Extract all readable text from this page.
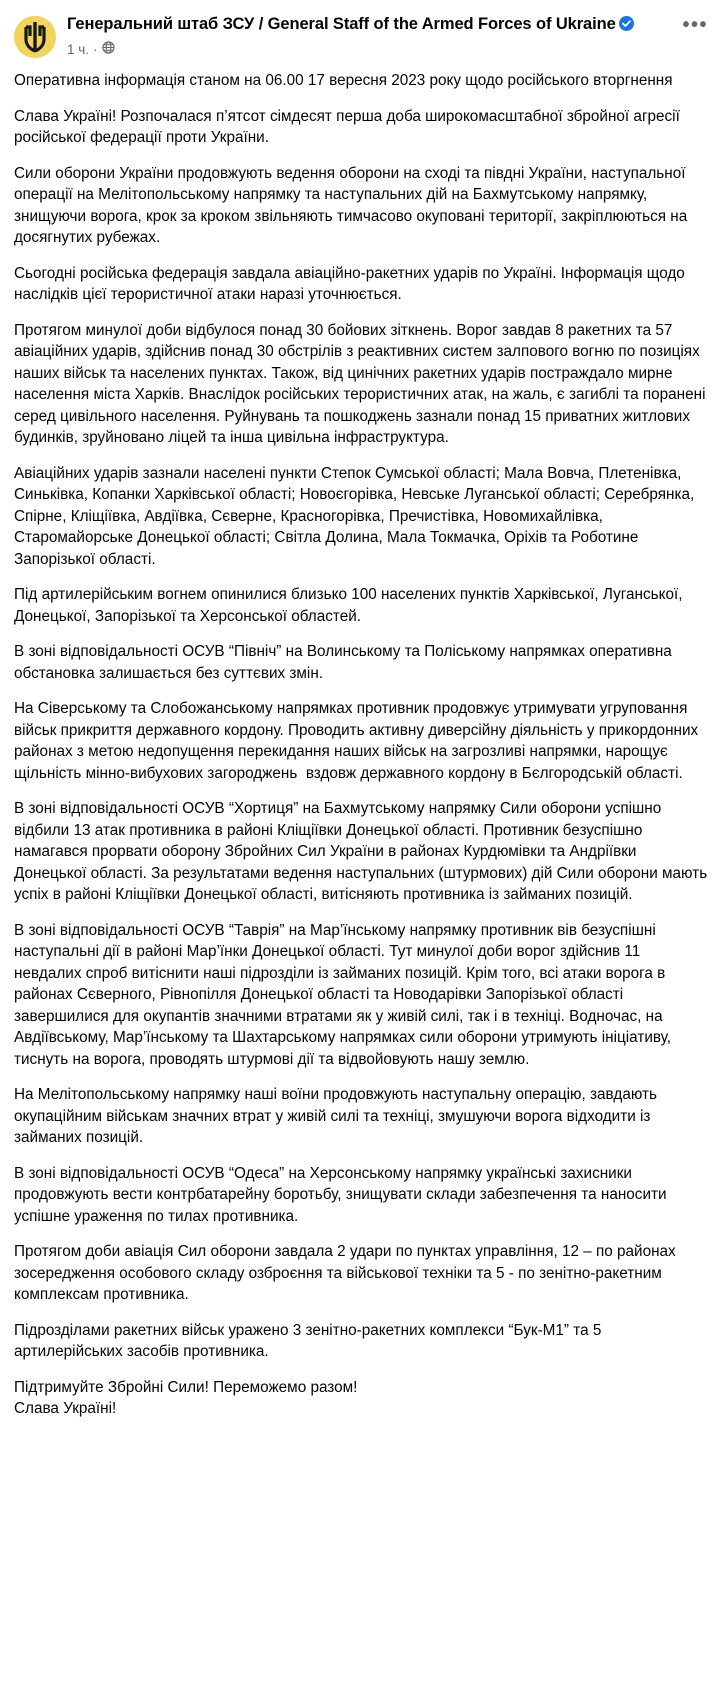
Генеральний штаб ЗСУ / General Staff of the Armed Forces of Ukraine
1 ч. ·
•••

Оперативна інформація станом на 06.00 17 вересня 2023 року щодо російського вторгнення

Слава Україні! Розпочалася п’ятсот сімдесят перша доба широкомасштабної збройної агресії російської федерації проти України.

Сили оборони України продовжують ведення оборони на сході та півдні України, наступальної операції на Мелітопольському напрямку та наступальних дій на Бахмутському напрямку, знищуючи ворога, крок за кроком звільняють тимчасово окуповані території, закріплюються на досягнутих рубежах.

Сьогодні російська федерація завдала авіаційно-ракетних ударів по Україні. Інформація щодо наслідків цієї терористичної атаки наразі уточнюється.

Протягом минулої доби відбулося понад 30 бойових зіткнень. Ворог завдав 8 ракетних та 57 авіаційних ударів, здійснив понад 30 обстрілів з реактивних систем залпового вогню по позиціях наших військ та населених пунктах. Також, від цинічних ракетних ударів постраждало мирне населення міста Харків. Внаслідок російських терористичних атак, на жаль, є загиблі та поранені серед цивільного населення. Руйнувань та пошкоджень зазнали понад 15 приватних житлових будинків, зруйновано ліцей та інша цивільна інфраструктура.

Авіаційних ударів зазнали населені пункти Степок Сумської області; Мала Вовча, Плетенівка, Синьківка, Копанки Харківської області; Новоєгорівка, Невське Луганської області; Серебрянка, Спірне, Кліщіївка, Авдіївка, Сєверне, Красногорівка, Пречистівка, Новомихайлівка, Старомайорське Донецької області; Світла Долина, Мала Токмачка, Оріхів та Роботине Запорізької області.

Під артилерійським вогнем опинилися близько 100 населених пунктів Харківської, Луганської, Донецької, Запорізької та Херсонської областей.

В зоні відповідальності ОСУВ “Північ” на Волинському та Поліському напрямках оперативна обстановка залишається без суттєвих змін.

На Сіверському та Слобожанському напрямках противник продовжує утримувати угруповання військ прикриття державного кордону. Проводить активну диверсійну діяльність у прикордонних районах з метою недопущення перекидання наших військ на загрозливі напрямки, нарощує щільність мінно-вибухових загороджень  вздовж державного кордону в Бєлгородській області.

В зоні відповідальності ОСУВ “Хортиця” на Бахмутському напрямку Сили оборони успішно відбили 13 атак противника в районі Кліщіївки Донецької області. Противник безуспішно намагався прорвати оборону Збройних Сил України в районах Курдюмівки та Андріївки Донецької області. За результатами ведення наступальних (штурмових) дій Сили оборони мають успіх в районі Кліщіївки Донецької області, витісняють противника із займаних позицій.

В зоні відповідальності ОСУВ “Таврія” на Мар’їнському напрямку противник вів безуспішні наступальні дії в районі Мар’їнки Донецької області. Тут минулої доби ворог здійснив 11 невдалих спроб витіснити наші підрозділи із займаних позицій. Крім того, всі атаки ворога в районах Сєверного, Рівнопілля Донецької області та Новодарівки Запорізької області завершилися для окупантів значними втратами як у живій силі, так і в техніці. Водночас, на Авдіївському, Мар’їнському та Шахтарському напрямках сили оборони утримують ініціативу, тиснуть на ворога, проводять штурмові дії та відвойовують нашу землю.

На Мелітопольському напрямку наші воїни продовжують наступальну операцію, завдають окупаційним військам значних втрат у живій силі та техніці, змушуючи ворога відходити із займаних позицій.

В зоні відповідальності ОСУВ “Одеса” на Херсонському напрямку українські захисники продовжують вести контрбатарейну боротьбу, знищувати склади забезпечення та наносити успішне ураження по тилах противника.

Протягом доби авіація Сил оборони завдала 2 удари по пунктах управління, 12 – по районах зосередження особового складу озброєння та військової техніки та 5 - по зенітно-ракетним комплексам противника.

Підрозділами ракетних військ уражено 3 зенітно-ракетних комплекси “Бук-М1” та 5 артилерійських засобів противника.

Підтримуйте Збройні Сили! Переможемо разом!

Слава Україні!
